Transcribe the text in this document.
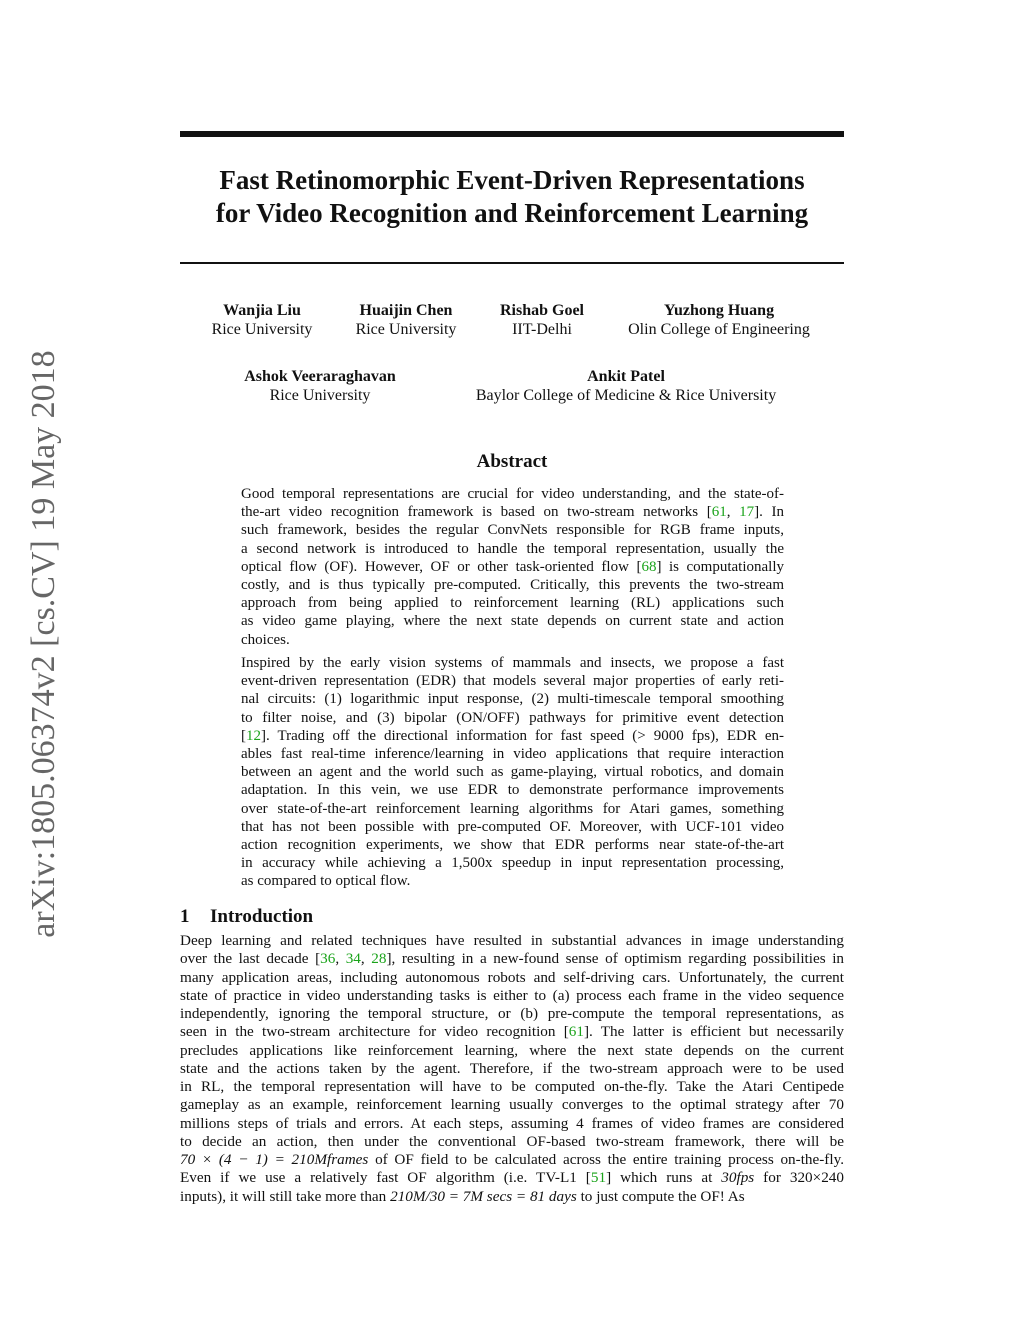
Fast Retinomorphic Event-Driven Representations
for Video Recognition and Reinforcement Learning
arXiv:1805.06374v2 [cs.CV] 19 May 2018
Wanjia Liu
Rice University
Huaijin Chen
Rice University
Rishab Goel
IIT-Delhi
Yuzhong Huang
Olin College of Engineering
Ashok Veeraraghavan
Rice University
Ankit Patel
Baylor College of Medicine & Rice University
Abstract

Good temporal representations are crucial for video understanding, and the state-of-
the-art video recognition framework is based on two-stream networks [61, 17]. In
such framework, besides the regular ConvNets responsible for RGB frame inputs,
a second network is introduced to handle the temporal representation, usually the
optical flow (OF). However, OF or other task-oriented flow [68] is computationally
costly, and is thus typically pre-computed. Critically, this prevents the two-stream
approach from being applied to reinforcement learning (RL) applications such
as video game playing, where the next state depends on current state and action
choices.

Inspired by the early vision systems of mammals and insects, we propose a fast
event-driven representation (EDR) that models several major properties of early reti-
nal circuits: (1) logarithmic input response, (2) multi-timescale temporal smoothing
to filter noise, and (3) bipolar (ON/OFF) pathways for primitive event detection
[12]. Trading off the directional information for fast speed (> 9000 fps), EDR en-
ables fast real-time inference/learning in video applications that require interaction
between an agent and the world such as game-playing, virtual robotics, and domain
adaptation. In this vein, we use EDR to demonstrate performance improvements
over state-of-the-art reinforcement learning algorithms for Atari games, something
that has not been possible with pre-computed OF. Moreover, with UCF-101 video
action recognition experiments, we show that EDR performs near state-of-the-art
in accuracy while achieving a 1,500x speedup in input representation processing,
as compared to optical flow.

1 Introduction

Deep learning and related techniques have resulted in substantial advances in image understanding
over the last decade [36, 34, 28], resulting in a new-found sense of optimism regarding possibilities in
many application areas, including autonomous robots and self-driving cars. Unfortunately, the current
state of practice in video understanding tasks is either to (a) process each frame in the video sequence
independently, ignoring the temporal structure, or (b) pre-compute the temporal representations, as
seen in the two-stream architecture for video recognition [61]. The latter is efficient but necessarily
precludes applications like reinforcement learning, where the next state depends on the current
state and the actions taken by the agent. Therefore, if the two-stream approach were to be used
in RL, the temporal representation will have to be computed on-the-fly. Take the Atari Centipede
gameplay as an example, reinforcement learning usually converges to the optimal strategy after 70
millions steps of trials and errors. At each steps, assuming 4 frames of video frames are considered
to decide an action, then under the conventional OF-based two-stream framework, there will be
70 × (4 − 1) = 210Mframes of OF field to be calculated across the entire training process on-the-fly.
Even if we use a relatively fast OF algorithm (i.e. TV-L1 [51] which runs at 30fps for 320×240
inputs), it will still take more than 210M/30 = 7M secs = 81 days to just compute the OF! As
